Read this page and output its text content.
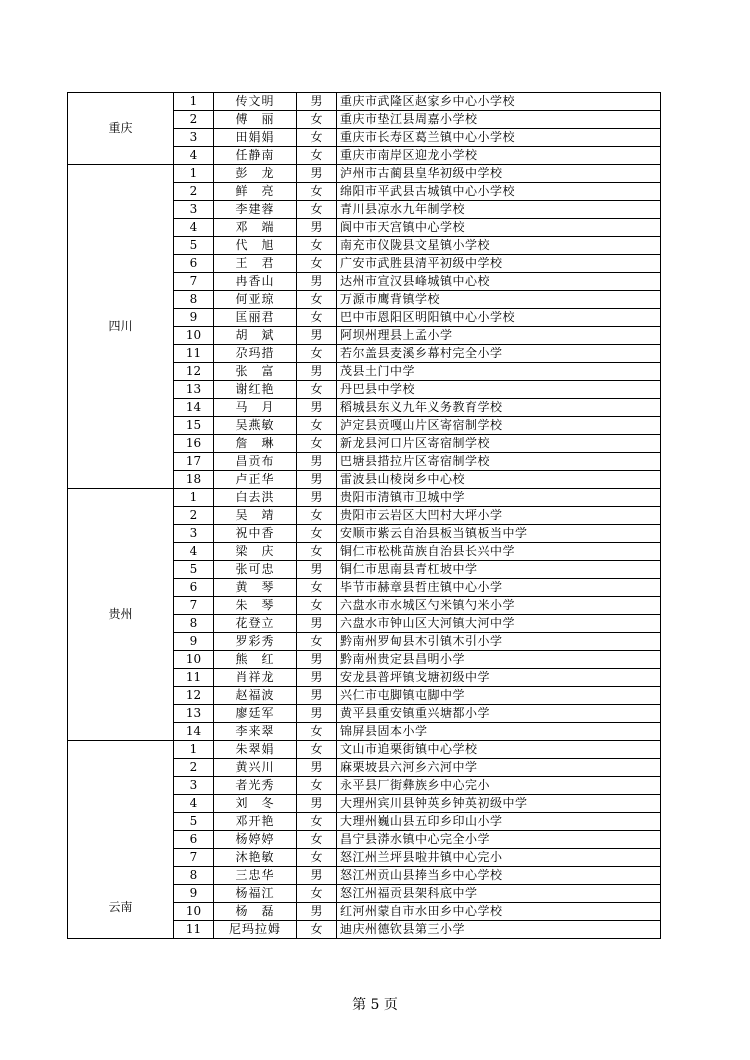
重庆	1	传文明	男	重庆市武隆区赵家乡中心小学校
	2	傅　丽	女	重庆市垫江县周嘉小学校
	3	田娟娟	女	重庆市长寿区葛兰镇中心小学校
	4	任静南	女	重庆市南岸区迎龙小学校
四川	1	彭　龙	男	泸州市古蔺县皇华初级中学校
	2	鲜　亮	女	绵阳市平武县古城镇中心小学校
	3	李建蓉	女	青川县凉水九年制学校
	4	邓　端	男	阆中市天宫镇中心学校
	5	代　旭	女	南充市仪陇县文星镇小学校
	6	王　君	女	广安市武胜县清平初级中学校
	7	冉香山	男	达州市宣汉县峰城镇中心校
	8	何亚琼	女	万源市鹰背镇学校
	9	匡丽君	女	巴中市恩阳区明阳镇中心小学校
	10	胡　斌	男	阿坝州理县上孟小学
	11	尕玛措	女	若尔盖县麦溪乡幕村完全小学
	12	张　富	男	茂县土门中学
	13	谢红艳	女	丹巴县中学校
	14	马　月	男	稻城县东义九年义务教育学校
	15	吴燕敏	女	泸定县贡嘎山片区寄宿制学校
	16	詹　琳	女	新龙县河口片区寄宿制学校
	17	昌贡布	男	巴塘县措拉片区寄宿制学校
	18	卢正华	男	雷波县山棱岗乡中心校
贵州	1	白去洪	男	贵阳市清镇市卫城中学
	2	吴　靖	女	贵阳市云岩区大凹村大坪小学
	3	祝中香	女	安顺市紫云自治县板当镇板当中学
	4	梁　庆	女	铜仁市松桃苗族自治县长兴中学
	5	张可忠	男	铜仁市思南县青杠坡中学
	6	黄　琴	女	毕节市赫章县哲庄镇中心小学
	7	朱　琴	女	六盘水市水城区勺米镇勺米小学
	8	花登立	男	六盘水市钟山区大河镇大河中学
	9	罗彩秀	女	黔南州罗甸县木引镇木引小学
	10	熊　红	男	黔南州贵定县昌明小学
	11	肖祥龙	男	安龙县普坪镇戈塘初级中学
	12	赵福波	男	兴仁市屯脚镇屯脚中学
	13	廖廷军	男	黄平县重安镇重兴塘都小学
	14	李来翠	女	锦屏县固本小学
云南	1	朱翠娟	女	文山市追栗街镇中心学校
	2	黄兴川	男	麻栗坡县六河乡六河中学
	3	者光秀	女	永平县厂街彝族乡中心完小
	4	刘　冬	男	大理州宾川县钟英乡钟英初级中学
	5	邓开艳	女	大理州巍山县五印乡印山小学
	6	杨婷婷	女	昌宁县漭水镇中心完全小学
	7	沐艳敏	女	怒江州兰坪县啦井镇中心完小
	8	三忠华	男	怒江州贡山县捧当乡中心学校
	9	杨福江	女	怒江州福贡县架科底中学
	10	杨　磊	男	红河州蒙自市水田乡中心学校
	11	尼玛拉姆	女	迪庆州德钦县第三小学
第 5 页
